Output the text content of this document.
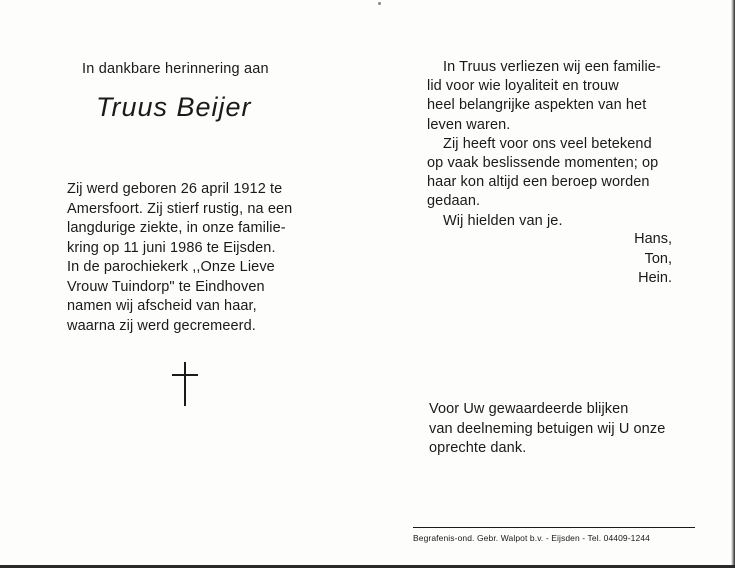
In dankbare herinnering aan
Truus Beijer
Zij werd geboren 26 april 1912 te
Amersfoort. Zij stierf rustig, na een
langdurige ziekte, in onze familie-
kring op 11 juni 1986 te Eijsden.
In de parochiekerk ,,Onze Lieve
Vrouw Tuindorp" te Eindhoven
namen wij afscheid van haar,
waarna zij werd gecremeerd.
In Truus verliezen wij een familie-
lid voor wie loyaliteit en trouw
heel belangrijke aspekten van het
leven waren.
Zij heeft voor ons veel betekend
op vaak beslissende momenten; op
haar kon altijd een beroep worden
gedaan.
Wij hielden van je.
Hans,
Ton,
Hein.
Voor Uw gewaardeerde blijken
van deelneming betuigen wij U onze
oprechte dank.
Begrafenis-ond. Gebr. Walpot b.v. - Eijsden - Tel. 04409-1244
